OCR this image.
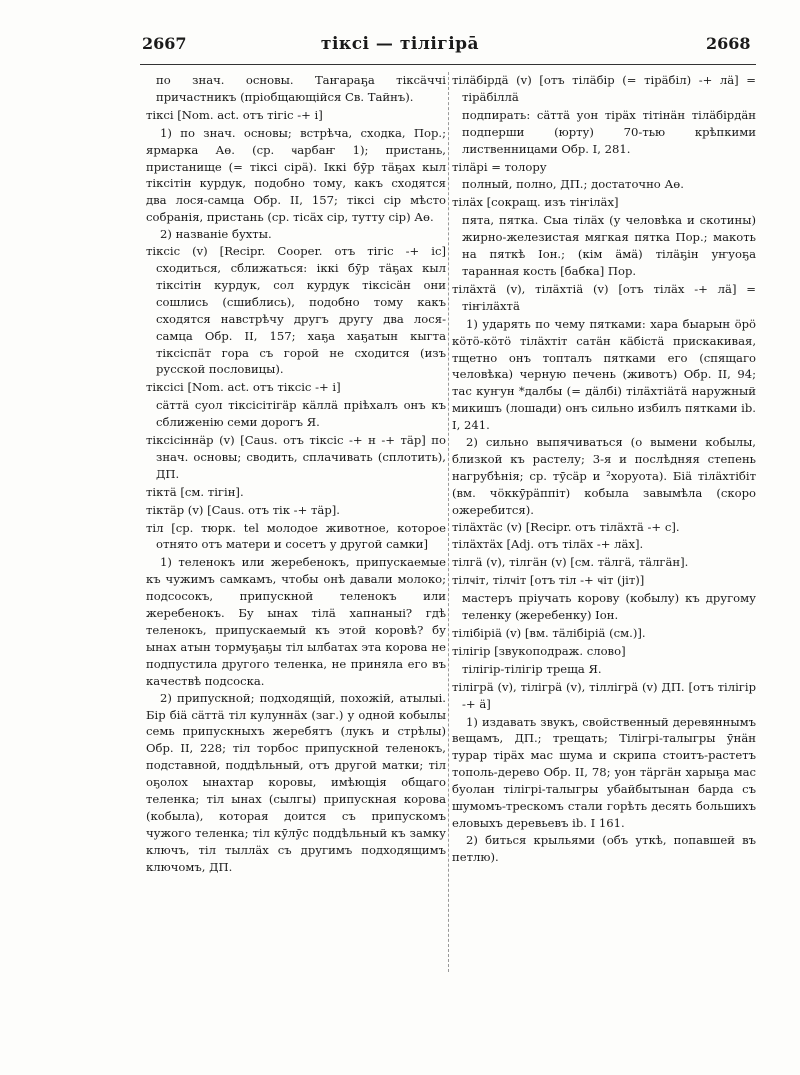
2667	тiксi — тiлiгiрā	2668

по знач. основы. Таҥараҕа тiксäччi причастникъ (прiобщающiйся Св. Тайнъ).

тiксi [Nom. act. отъ тiгiс -+ i]

1) по знач. основы; встрѣча, сходка, Пор.; ярмарка Аө. (ср. ҹарбаҥ 1); пристань, пристанище (= тiксi сiрä). Iккi бӯр тäҕах кыл тiксiтiн курдук, подобно тому, какъ сходятся два лося-самца Обр. II, 157; тiксi сiр мѣсто собранiя, пристань (ср. тiсäх сiр, тутту сiр) Аө.

2) названiе бухты.

тiксiс (v) [Recipr. Cooper. отъ тiгiс -+ iс] сходиться, сближаться: iккi бӯр тäҕах кыл тiксiтiн курдук, сол курдук тiксiсäн они сошлись (сшиблись), подобно тому какъ сходятся навстрѣчу другъ другу два лося-самца Обр. II, 157; хаҕа хаҕатын кыгта тiксiспäт гора съ горой не сходится (изъ русской пословицы).

тiксiсi [Nom. act. отъ тiксiс -+ i]

сäттä суол тiксiсiтiгäр кäллä прiѣхалъ онъ къ сближенiю семи дорогъ Я.

тiксiсiннäр (v) [Caus. отъ тiксiс -+ н -+ тäр] по знач. основы; сводить, сплачивать (сплотить), ДП.

тiктä [см. тiгiн].

тiктäр (v) [Caus. отъ тiк -+ тäр].

тiл [ср. тюрк. tel молодое животное, которое отнято отъ матери и сосетъ у другой самки]

1) теленокъ или жеребенокъ, припускаемые къ чужимъ самкамъ, чтобы онѣ давали молоко; подсосокъ, припускной теленокъ или жеребенокъ. Бу ынах тiлä хапнаныi? гдѣ теленокъ, припускаемый къ этой коровѣ? бу ынах атын тормуҕаҕы тiл ылбатах эта корова не подпустила другого теленка, не приняла его въ качествѣ подсоска.

2) припускной; подходящiй, похожiй, атылыi. Бiр бiä сäттä тiл кулуннäх (заг.) у одной кобылы семь припускныхъ жеребятъ (лукъ и стрѣлы) Обр. II, 228; тiл торбос припускной теленокъ, подставной, поддѣльный, отъ другой матки; тiл оҕолох ынахтар коровы, имѣющiя общаго теленка; тiл ынах (сылгы) припускная корова (кобыла), которая доится съ припускомъ чужого теленка; тiл кӯлӯс поддѣльный къ замку ключъ, тiл тыллäх съ другимъ подходящимъ ключомъ, ДП.

тiлäбiрдä (v) [отъ тiлäбiр (= тiрäбiл) -+ лä] = тiрäбiллä

подпирать: сäттä уон тiрäх тiтiнäн тiлäбiрдäн подперши (юрту) 70-тью крѣпкими лиственницами Обр. I, 281.

тiлäрi = толору

полный, полно, ДП.; достаточно Аө.

тiлäх [сокращ. изъ тiҥiлäх]

пята, пятка. Сыа тiлäх (у человѣка и скотины) жирно-железистая мягкая пятка Пор.; макоть на пяткѣ Iон.; (кiм äмä) тiлäҕiн уҥуоҕа таранная кость [бабка] Пор.

тiлäхтä (v), тiлäхтiä (v) [отъ тiлäх -+ лä] = тiҥiлäхтä

1) ударять по чему пятками: хара быарын öрö кöтö-кöтö тiлäхтiт сатäн кäбiстä прискакивая, тщетно онъ топталъ пятками его (спящаго человѣка) черную печень (животъ) Обр. II, 94; тас куҥун *далбы (= дäлбi) тiлäхтiäтä наружный микишъ (лошади) онъ сильно избилъ пятками ib. I, 241.

2) сильно выпячиваться (о вымени кобылы, близкой къ растелу; 3-я и послѣдняя степень нагрубѣнiя; ср. тӯсäр и ²хоруота). Бiä тiлäхтiбiт (вм. чöккӯрäппiт) кобыла завымѣла (скоро ожеребится).

тiлäхтäс (v) [Recipr. отъ тiлäхтä -+ с].

тiлäхтäх [Adj. отъ тiлäх -+ лäх].

тiлгä (v), тiлгäн (v) [см. тäлгä, тäлгäн].

тiлҹiт, тiлҹiт [отъ тiл -+ ҹiт (jiт)]

мастеръ прiучать корову (кобылу) къ другому теленку (жеребенку) Iон.

тiлiбiрiä (v) [вм. тäлiбiрiä (см.)].

тiлiгiр [звукоподраж. слово]

тiлiгiр-тiлiгiр треща Я.

тiлiгрä (v), тiлiгрä (v), тiллiгрä (v) ДП. [отъ тiлiгiр -+ ä]

1) издавать звукъ, свойственный деревяннымъ вещамъ, ДП.; трещать; Тiлiгрi-талыгры ӯнäн турар тiрäх мас шума и скрипа стоитъ-растетъ тополь-дерево Обр. II, 78; уон тäргäн харыҕа мас буолан тiлiгрi-талыгры убайбытынан барда съ шумомъ-трескомъ стали горѣть десять большихъ еловыхъ деревьевъ ib. I 161.

2) биться крыльями (объ уткѣ, попавшей въ петлю).
